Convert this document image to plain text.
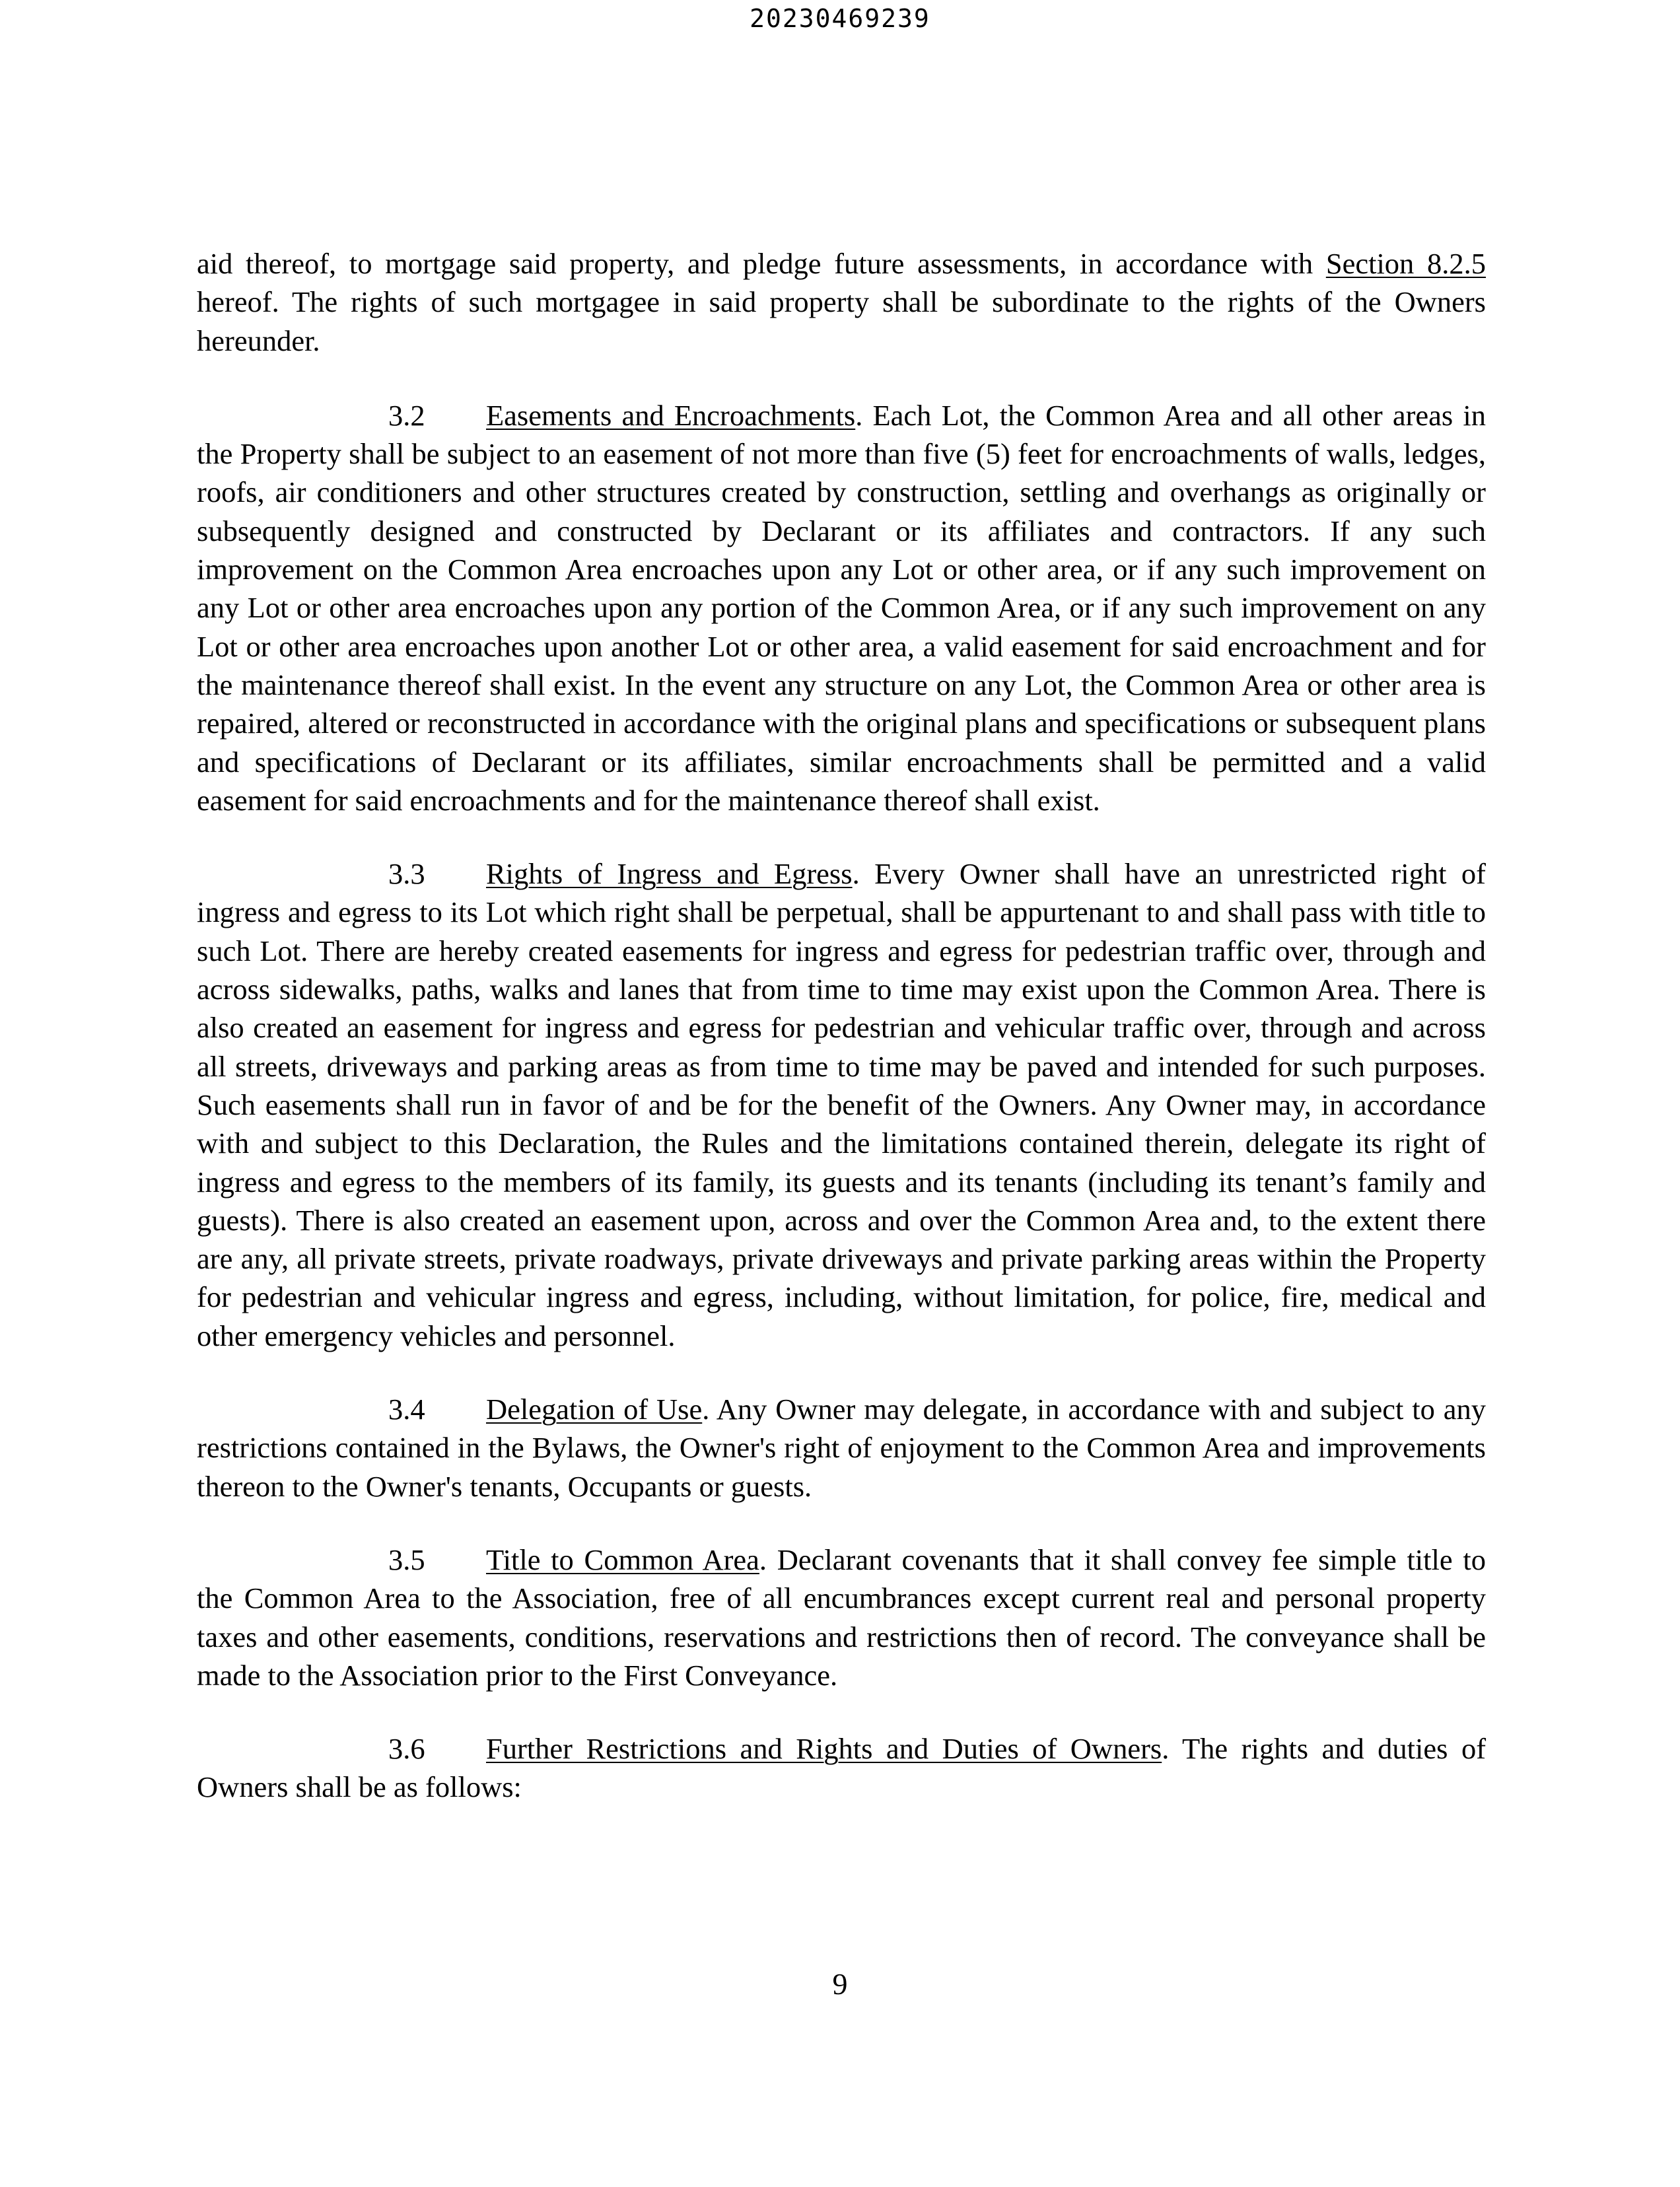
20230469239

aid thereof, to mortgage said property, and pledge future assessments, in accordance with Section 8.2.5 hereof. The rights of such mortgagee in said property shall be subordinate to the rights of the Owners hereunder.

3.2 Easements and Encroachments. Each Lot, the Common Area and all other areas in the Property shall be subject to an easement of not more than five (5) feet for encroachments of walls, ledges, roofs, air conditioners and other structures created by construction, settling and overhangs as originally or subsequently designed and constructed by Declarant or its affiliates and contractors. If any such improvement on the Common Area encroaches upon any Lot or other area, or if any such improvement on any Lot or other area encroaches upon any portion of the Common Area, or if any such improvement on any Lot or other area encroaches upon another Lot or other area, a valid easement for said encroachment and for the maintenance thereof shall exist. In the event any structure on any Lot, the Common Area or other area is repaired, altered or reconstructed in accordance with the original plans and specifications or subsequent plans and specifications of Declarant or its affiliates, similar encroachments shall be permitted and a valid easement for said encroachments and for the maintenance thereof shall exist.

3.3 Rights of Ingress and Egress. Every Owner shall have an unrestricted right of ingress and egress to its Lot which right shall be perpetual, shall be appurtenant to and shall pass with title to such Lot. There are hereby created easements for ingress and egress for pedestrian traffic over, through and across sidewalks, paths, walks and lanes that from time to time may exist upon the Common Area. There is also created an easement for ingress and egress for pedestrian and vehicular traffic over, through and across all streets, driveways and parking areas as from time to time may be paved and intended for such purposes. Such easements shall run in favor of and be for the benefit of the Owners. Any Owner may, in accordance with and subject to this Declaration, the Rules and the limitations contained therein, delegate its right of ingress and egress to the members of its family, its guests and its tenants (including its tenant’s family and guests). There is also created an easement upon, across and over the Common Area and, to the extent there are any, all private streets, private roadways, private driveways and private parking areas within the Property for pedestrian and vehicular ingress and egress, including, without limitation, for police, fire, medical and other emergency vehicles and personnel.

3.4 Delegation of Use. Any Owner may delegate, in accordance with and subject to any restrictions contained in the Bylaws, the Owner's right of enjoyment to the Common Area and improvements thereon to the Owner's tenants, Occupants or guests.

3.5 Title to Common Area. Declarant covenants that it shall convey fee simple title to the Common Area to the Association, free of all encumbrances except current real and personal property taxes and other easements, conditions, reservations and restrictions then of record. The conveyance shall be made to the Association prior to the First Conveyance.

3.6 Further Restrictions and Rights and Duties of Owners. The rights and duties of Owners shall be as follows:

9
